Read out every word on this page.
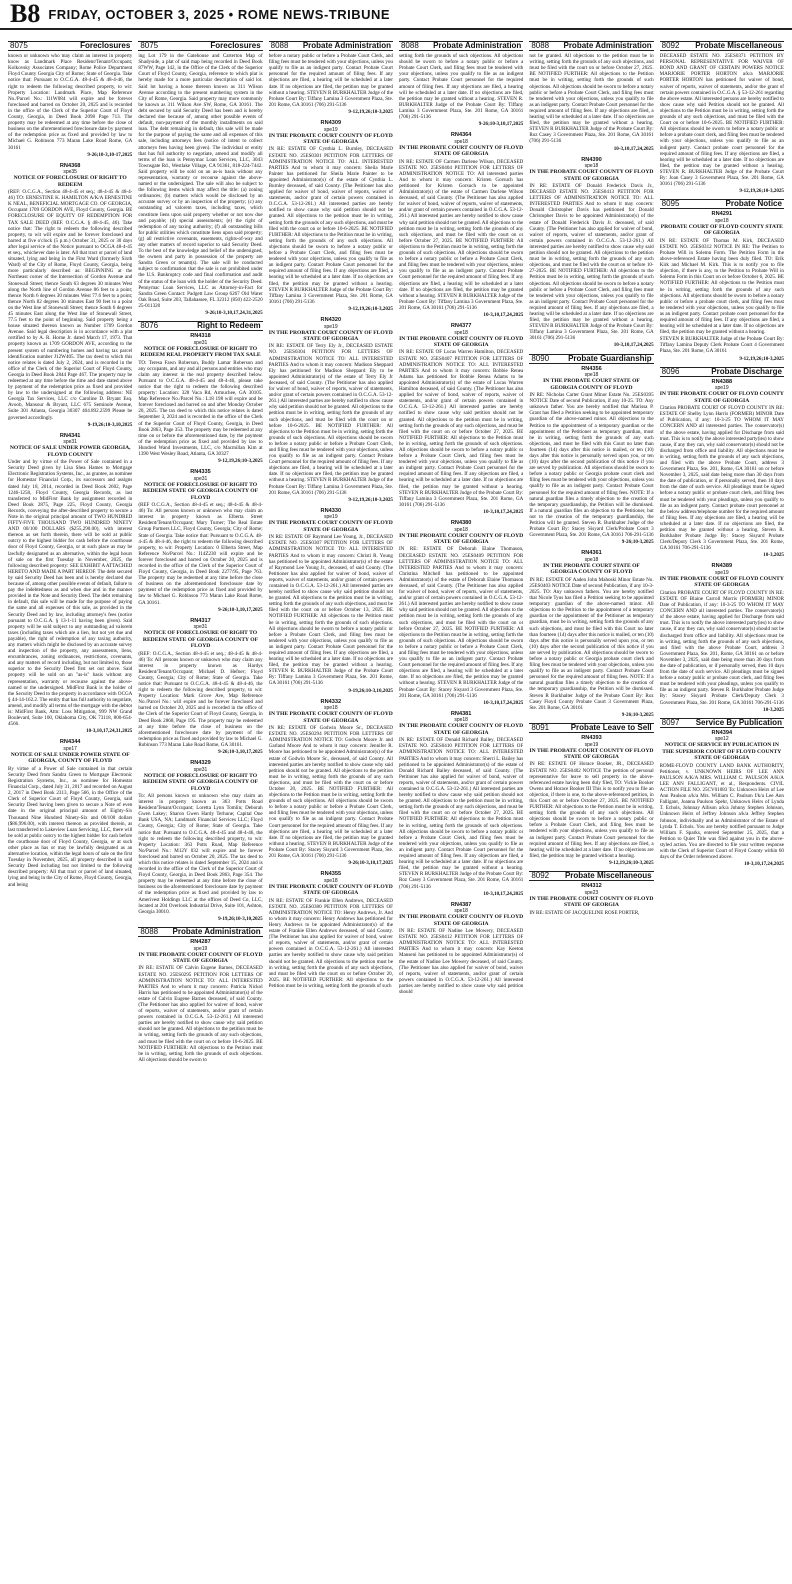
B8 FRIDAY, OCTOBER 3, 2025 • ROME NEWS-TRIBUNE
8075	Foreclosures
known or unknown who may claim an interest in property know as Landmark Place Resident/Tenant/Occupant; Kolkovsky Associates Company; Rome Police Department Floyd County Georgia City of Rome; State of Georgia. Take notice that: Pursuant to O.C.G.A. 48-4-45 & 48-4-46, the right to redeem the following described property, to wit: Property Location: Landmark Place, Map Reference No./Parcel No.: I11W084 will expire and be forever foreclosed and barred on October 20, 2025 and is recorded in the office of the Clerk of the Superior Court of Floyd County, Georgia, in Deed Book 2098 Page 713. The property may be redeemed at any time before the close of business on the aforementioned foreclosure date by payment of the redemption price as fixed and provided by law to Michael G. Robinson 773 Maran Lake Road Rome, GA 30161
9-26;10-3,10-17,2025
RN4368
spe35
NOTICE OF FORECLOSURE OF RIGHT TO REDEEM
(REF: O.C.G.A., Section 48-4-45 et seq.; 48-4-45 & 48-4-46) TO: ERNESTINE K. HAMILTON A/K/A ERNESTINE K NEAL, BENEFICIAL MORTGAGE CO. OF GEORGIA, Occupant 1709 GORDON AVE, Floyd County, Georgia. BE FORECLOSURE OF EQUITY OF REDEMPTION FOR TAX SALE DEED (REF. O.C.G.A. § 48-4-45, 46). Take notice that: The right to redeem the following described property, to wit will expire and be forever foreclosed and barred at five o'clock (5 p.m.) October 31, 2025 or 30 days after legal service of the Notice pursuant to OCGA 48-4-45 et seq., whichever date is later. All that tract or parcel of land situated, lying and being in the First Ward (formerly Sixth Ward) of the City of Rome, Floyd County, Georgia, being more particularly described as: BEGINNING at the Northeast corner of the Intersection of Gordon Avenue and Stonewall Street; thence South 63 degrees 30 minutes West along the North line of Gordon Avenue 86 feet to a point; thence North 6 degrees 30 minutes West 77.6 feet to a point; thence North 82 degrees 30 minutes East 90 feet to a point on the West line of Stonewall Street; thence South 6 degrees 45 minutes East along the West line of Stonewall Street, 77.5 feet to the point of beginning. Said property being a house situated thereon known as Number 1709 Gordon Avenue. Said legal description is in accordance with a plat certified to by A. R. Horne Jr. dated March 17, 1973. That property known as 1709 GORDON AVE, according to the present system of numbering homes and having tax parcel identification number J12W405. The tax deed to which this notice relates is dated July 2, 2024, and is recorded in the office of the Clerk of the Superior Court of Floyd County, Georgia in Deed Book 2844 Page 467. The property may be redeemed at any time before the time and date stated above by payment of the redemption price as fixed and provided by law to the undersigned at the following address: NE Georgia Tax Services, LLC c/o Caroline D. Bryant Esq. Avoob, Mansour & Bryant, LLC 675 Seminole Avenue, Suite 301 Atlanta, Georgia 30307 404.892.2599 Please be governed accordingly.
9-19,26;10-3,10,2025
RN4341
spe31
NOTICE OF SALE UNDER POWER GEORGIA, FLOYD COUNTY
Under and by virtue of the Power of Sale contained in a Security Deed given by Lisa Shea Hames to Mortgage Electronic Registration Systems, Inc., as grantee, as nominee for Homestar Financial Corp., its successors and assigns dated July 18, 2014, recorded in Deed Book 2602, Page 1246-1258, Floyd County, Georgia Records, as last transferred to MidFirst Bank by assignment recorded in Deed Book 2875, Page 225, Floyd County, Georgia Records, conveying the after-described property to secure a Note in the original principal amount of TWO HUNDRED FIFTY-FIVE THOUSAND TWO HUNDRED NINETY AND 00/100 DOLLARS ($255,290.00), with interest thereon as set forth therein, there will be sold at public outcry to the highest bidder for cash before the courthouse door of Floyd County, Georgia, or at such place as may be lawfully designated as an alternative, within the legal hours of sale on the first Tuesday in November, 2025, the following described property: SEE EXHIBIT A ATTACHED HERETO AND MADE A PART HEREOF. The debt secured by said Security Deed has been and is hereby declared due because of, among other possible events of default, failure to pay the indebtedness as and when due and in the manner provided in the Note and Security Deed. The debt remaining in default, this sale will be made for the purpose of paying the same and all expenses of this sale, as provided in the Security Deed and by law, including attorney's fees (notice pursuant to O.C.G.A. § 13-1-11 having been given). Said property will be sold subject to any outstanding ad valorem taxes (including taxes which are a lien, but not yet due and payable), the right of redemption of any taxing authority, any matters which might be disclosed by an accurate survey and inspection of the property, any assessments, liens, encumbrances, zoning ordinances, restrictions, covenants, and any matters of record including, but not limited to, those superior to the Security Deed first set out above. Said property will be sold on an "as-is" basis without any representation, warranty or recourse against the above-named or the undersigned. MidFirst Bank is the holder of the Security Deed to the property in accordance with OCGA § 44-14-162.2. The entity that has full authority to negotiate, amend, and modify all terms of the mortgage with the debtor is: MidFirst Bank, Attn: Loss Mitigation, 999 NW Grand Boulevard, Suite 100, Oklahoma City, OK 73118, 800-654-4566.
10-3,10,17,24,31,2025
RN4344
spe17
NOTICE OF SALE UNDER POWER STATE OF GEORGIA, COUNTY OF FLOYD
By virtue of a Power of Sale contained in that certain Security Deed from Sandra Green to Mortgage Electronic Registration Systems, Inc., as nominee for Homestar Financial Corp., dated July 31, 2017 and recorded on August 2, 2017 in Deed Book 2313, Page 566, in the Office of the Clerk of Superior Court of Floyd County, Georgia, said Security Deed having been given to secure a Note of even date in the original principal amount of Eighty-Six Thousand Nine Hundred Ninety-Six and 00/100 dollars ($86,996.00), with interest thereon as provided therein, as last transferred to Lakeview Loan Servicing, LLC, there will be sold at public outcry to the highest bidder for cash before the courthouse door of Floyd County, Georgia, or at such other place as has or may be lawfully designated as an alternative location, within the legal hours of sale on the first Tuesday in November, 2025, all property described in said Security Deed including but not limited to the following described property: All that tract or parcel of land situated, lying and being in the City of Rome, Floyd County, Georgia, and being
8075	Foreclosures
ing Lot 179 in the Gatehouse and Carterton Map of Shadyside, a plat of said map being recorded in Deed Book 87WW, Page 142, in the Office of the Clerk of the Superior Court of Floyd County, Georgia, reference to which plat is hereby made for a more particular description of said lot. Said lot having a house thereon known as 311 Wilson Avenue according to the present numbering system in the City of Rome, Georgia. Said property may more commonly be known as 311 Wilson Ave SW, Rome, GA 30161. The debt secured by said Security Deed has been and is hereby declared due because of, among other possible events of default, non-payment of the monthly installments on said loan. The debt remaining in default, this sale will be made for the purpose of paying the same and all expenses of this sale, including attorneys fees (notice of intent to collect attorneys fees having been given). The individual or entity that has full authority to negotiate, amend and modify all terms of the loan is Pennymac Loan Services, LLC, 3043 Townsgate Rd., Westlake Village, CA 91361, 818-224-7442. Said property will be sold on an as-is basis without any representation, warranty or recourse against the above-named or the undersigned. The sale will also be subject to the following items which may affect the title: (a) zoning ordinances; (b) matters which would be disclosed by an accurate survey or by an inspection of the property; (c) any outstanding ad valorem taxes, including taxes, which constitute liens upon said property whether or not now due and payable; (d) special assessments; (e) the right of redemption of any taxing authority; (f) all outstanding bills for public utilities which constitute liens upon said property; (g) all restrictive covenants, easements, rights-of-way and any other matters of record superior to said Security Deed. To the best of the knowledge and belief of the undersigned, the owners and party in possession of the property are Sandra Green or tenant(s). The sale will be conducted subject to confirmation that the sale is not prohibited under the U.S. Bankruptcy code and final confirmation and audit of the status of the loan with the holder of the Security Deed. Pennymac Loan Services, LLC as Attorney-in-Fact for Sandra Green Contact: Padgett Law Group 6267 Old Water Oak Road, Suite 203, Tallahassee, FL 32312 (850) 422-2520 25-011320
9-26;10-3,10,17,24,31,2025
8076	Right to Redeem
RN4318
spe31
NOTICE OF FORECLOSURE OF RIGHT TO REDEEM REAL PROPERTY FROM TAX SALE
TO: Teresa Fawn Roberson, Buddy Lamar Roberson and any occupants, and any and all persons and entities who may claim any interest in the real property described below. Pursuant to O.C.G.A. 48-4-45 and 48-4-46, please take notice that the right to redeem the following described property: Location: 328 Vaca Rd, Armuchee, GA 30105. Map Reference No./Parcel No.: L18 198 will expire and be forever foreclosed and barred on and after Monday October 20, 2025. The tax deed to which this notice relates is dated September 3, 2024 and is recorded in the office of the Clerk of the Superior Court of Floyd County, Georgia, in Deed Book 2863, Page 353. The property may be redeemed at any time on or before the aforementioned date, by the payment of the redemption price as fixed and provided by law to Hundred Wand Investments, LLC, c/o Macmillan Kim at 1390 West Wesley Road, Atlanta, GA 30327
9-12,19,26;10-3,2025
RN4335
spe31
NOTICE OF FORECLOSURE OF RIGHT TO REDEEM STATE OF GEORGIA COUNTY OF FLOYD
(REF O.C.G.A., Section 48-4-45 et seq.; 48-4-45 & 48-4-46) To: All persons known or unknown who may claim an interest in property known as Elberta Street Resident/Tenant/Occupant; Mary Turner; The Real Estate Group Partners LLC, Floyd County, Georgia; City of Rome; State of Georgia. Take notice that: Pursuant to O.C.G.A. 48-4-45 & 48-4-46, the right to redeem the following described property, to wit: Property Location: 0 Elberta Street, Map Reference No/Parcel No.: I14Z230 will expire and be forever foreclosed and barred on October 20, 2025 and is recorded in the office of the Clerk of the Superior Court of Floyd County, Georgia, in Deed Book 2277/95, Page 763. The property may be redeemed at any time before the close of business on the aforementioned foreclosure date by payment of the redemption price as fixed and provided by law to Michael G. Robinson 773 Maran Lake Road Rome, GA 30161.
9-26;10-3,10,17,2025
RN4317
spe31
NOTICE OF FORECLOSURE OF RIGHT TO REDEEM STATE OF GEORGIA COUNTY OF FLOYD
(REF: O.C.G.A., Section 48-4-45 et seq.; 48-4-45 & 48-4-46) To: All persons known or unknown who may claim any interest in property known as Hardys Resident/Tenant/Occupant; Michael D. Hefner; Floyd County, Georgia; City of Rome; State of Georgia. Take notice that: Pursuant to O.C.G.A. 48-4-45 & 48-4-46, the right to redeem the following described property, to wit: Property Location: Mark Grove Ave, Map Reference No./Parcel No.: will expire and be forever foreclosed and barred on October 20, 2025 and is recorded in the office of the Clerk of the Superior Court of Floyd County, Georgia, in Deed Book 2868, Page 195. The property may be redeemed at any time before the close of business on the aforementioned foreclosure date by payment of the redemption price as fixed and provided by law to Michael G. Robinson 773 Maran Lake Road Rome, GA 30161.
9-26;10-3,10,17,2025
RN4329
spe31
NOTICE OF FORECLOSURE OF RIGHT TO REDEEM STATE OF GEORGIA COUNTY OF FLOYD
To: All persons known or unknown who may claim an interest in property known as 363 Potts Road Resident/Tenant/Occupant; Loretta Lynn Tomlin; Deborah Gwen Lakey; Sharon Gwen Hardy Terhune; Capital One Bank USA, NA; Landmark Financial Services LLC; Floyd County, Georgia; City of Rome; State of Georgia. Take notice that: Pursuant to O.C.G.A. 48-4-45 and 48-4-46, the right to redeem the following described property, to wit: Property Location: 363 Potts Road, Map Reference No/Parcel No.: M12Y 032 will expire and be forever foreclosed and barred on October 20, 2025. The tax deed to which this notice relates is dated September 15, 2024 and is recorded in the office of the Clerk of the Superior Court of Floyd County, Georgia, in Deed Book 2863, Page 354. The property may be redeemed at any time before the close of business on the aforementioned foreclosure date by payment of the redemption price as fixed and provided by law to Amerivest Holdings LLC at the offices of Deed Co, LLC, located at 204 Overlook Industrial Drive, Suite 101, Ashton, Georgia 30010.
9-19,26;10-3,10,2025
8088 Probate Administration
RN4287
spe19
IN THE PROBATE COURT COUNTY OF FLOYD STATE OF GEORGIA
IN RE: ESTATE OF Calvin Eugene Barnes, DECEASED ESTATE NO. 25ES0295 PETITION FOR LETTERS OF ADMINISTRATION NOTICE TO: ALL INTERESTED PARTIES And to whom it may concern: Patricia Nickol Harris has petitioned to be appointed Administrator(s) of the estate of Calvin Eugene Barnes deceased, of said County. (The Petitioner has also applied for waiver of bond, waiver of reports, waiver of statements, and/or grant of certain powers contained in O.C.G.A. 53-12-261.) All interested parties are hereby notified to show cause why said petition should not be granted. All objections to the petition must be in writing, setting forth the grounds of any such objections, and must be filed with the court on or before 10-6-2025. BE NOTIFIED FURTHER: All objections to the Petition must be in writing, setting forth the grounds of such objections. All objections should be sworn to
8088 Probate Administration
before a notary public or before a Probate Court Clerk, and filing fees must be tendered with your objections, unless you qualify to file as an indigent party. Contact Probate Court personnel for the required amount of filing fees. If any objections are filed, a hearing will be scheduled at a later date. If no objections are filed, the petition may be granted without a hearing. STEVEN R BURKHALTER Judge of the Probate Court By: Tiffany Lamina 3 Government Plaza, Ste. 201 Rome, GA 30161 (706) 291-5136
9-12,19,26;10-3,2025
RN4309
spe19
IN THE PROBATE COURT COUNTY OF FLOYD STATE OF GEORGIA
IN RE: ESTATE OF Cynthia L. Burnley, DECEASED ESTATE NO. 25ES0301 PETITION FOR LETTERS OF ADMINISTRATION NOTICE TO: ALL INTERESTED PARTIES And to whom it may concern: Sheila Marie Painter has petitioned for Sheila Marie Painter to be appointed Administrator(s) of the estate of Cynthia L. Burnley deceased, of said County. (The Petitioner has also applied for waiver of bond, waiver of reports, waiver of statements, and/or grant of certain powers contained in O.C.G.A. 53-12-261.) All interested parties are hereby notified to show cause why said petition should not be granted. All objections to the petition must be in writing, setting forth the grounds of any such objections, and must be filed with the court on or before 10-6-2025. BE NOTIFIED FURTHER: All objections to the Petition must be in writing, setting forth the grounds of any such objections. All objections should be sworn to before a notary public or before a Probate Court Clerk, and filing fees must be tendered with your objections, unless you qualify to file as an indigent party. Contact Probate Court personnel for the required amount of filing fees. If any objections are filed, a hearing will be scheduled at a later date. If no objections are filed, the petition may be granted without a hearing. STEVEN R BURKHALTER Judge of the Probate Court By: Tiffany Lamina 3 Government Plaza, Ste. 201 Rome, GA 30161 (706) 291-5136
9-12,19,26;10-3,2025
RN4320
spe19
IN THE PROBATE COURT COUNTY OF FLOYD STATE OF GEORGIA
IN RE: ESTATE OF Terry Ely Jr., DECEASED ESTATE NO. 25ES0304 PETITION FOR LETTERS OF ADMINISTRATION NOTICE TO: ALL INTERESTED PARTIES And to whom it may concern: Madison Sheppard Ely has petitioned for Madison Sheppard Ely to be appointed Administrator(s) of the estate of Terry Ely Jr deceased, of said County. (The Petitioner has also applied for waiver of bond, waiver of reports, waiver of statements, and/or grant of certain powers contained in O.C.G.A. 53-12-261.) All interested parties are hereby notified to show cause why said petition should not be granted. All objections to the petition must be in writing, setting forth the grounds of any such objections, and must be filed with the court on or before 10-6-2025. BE NOTIFIED FURTHER: All objections to the Petition must be in writing, setting forth the grounds of such objections. All objections should be sworn to before a notary public or before a Probate Court Clerk, and filing fees must be tendered with your objections, unless you qualify to file as an indigent party. Contact Probate Court personnel for the required amount of filing fees. If any objections are filed, a hearing will be scheduled at a later date. If no objections are filed, the petition may be granted without a hearing. STEVEN R BURKHALTER Judge of the Probate Court By: Tiffany Lamina 3 Government Plaza, Ste. 201 Rome, GA 30161 (706) 291-5136
9-12,19,26;10-3,2025
RN4330
spe19
IN THE PROBATE COURT COUNTY OF FLOYD STATE OF GEORGIA
IN RE: ESTATE OF Raymond Lee Young, Jr., DECEASED ESTATE NO. 25ES0307 PETITION FOR LETTERS OF ADMINISTRATION NOTICE TO: ALL INTERESTED PARTIES And to whom it may concern: Christi R. Young has petitioned to be appointed Administrator(s) of the estate of Raymond Lee Young Jr., deceased, of said County. (The Petitioner has also applied for waiver of bond, waiver of reports, waiver of statements, and/or grant of certain powers contained in O.C.G.A. 53-12-261.) All interested parties are hereby notified to show cause why said petition should not be granted. All objections to the petition must be in writing, setting forth the grounds of any such objections, and must be filed with the court on or before October 13, 2025. BE NOTIFIED FURTHER: All objections to the Petition must be in writing, setting forth the grounds of such objections. All objections should be sworn to before a notary public or before a Probate Court Clerk, and filing fees must be tendered with your objections, unless you qualify to file as an indigent party. Contact Probate Court personnel for the required amount of filing fees. If any objections are filed, a hearing will be scheduled at a later date. If no objections are filed, the petition may be granted without a hearing. STEVEN R. BURKHALTER Judge of the Probate Court By: Tiffany Lamina 3 Government Plaza, Ste. 201 Rome, GA 30161 (706) 291-5136
9-19,26;10-3,10,2025
RN4332
spe18
IN THE PROBATE COURT COUNTY OF FLOYD STATE OF GEORGIA
IN RE: ESTATE OF Godwin Moore Sr., DECEASED ESTATE NO. 25ES0294 PETITION FOR LETTERS OF ADMINISTRATION NOTICE TO: Godwin Moore Jr. and Garland Moore And to whom it may concern: Jennifer R. Moore has petitioned to be appointed Administrator(s) of the estate of Godwin Moore Sr., deceased, of said County. All interested parties are hereby notified to show cause why said petition should not be granted. All objections to the petition must be in writing, setting forth the grounds of any such objections, and must be filed with the court on or before October 20, 2025. BE NOTIFIED FURTHER: All objections to the Petition must be in writing, setting forth the grounds of such objections. All objections should be sworn to before a notary public or before a Probate Court Clerk, and filing fees must be tendered with your objections, unless you qualify to file as an indigent party. Contact Probate Court personnel for the required amount of filing fees. If any objections are filed, a hearing will be scheduled at a later date. If no objections are filed, the petition may be granted without a hearing. STEVEN R BURKHALTER Judge of the Probate Court By: Stacey Sisyard 3 Government Plaza, Ste. 201 Rome, GA 30161 (706) 291-5136
9-26;10-3,10,17,2025
RN4355
spe18
IN THE PROBATE COURT COUNTY OF FLOYD STATE OF GEORGIA
IN RE: ESTATE OF Frankie Ellen Andrews, DECEASED ESTATE NO. 25ES0380 PETITION FOR LETTERS OF ADMINISTRATION NOTICE TO: Henry Andrews, Jr. And to whom it may concern: Henry Andrews has petitioned for Henry Andrews to be appointed Administrator(s) of the estate of Frankie Ellen Andrews deceased, of said County. (The Petitioner has also applied for waiver of bond, waiver of reports, waiver of statements, and/or grant of certain powers contained in O.C.G.A. 53-12-261.) All interested parties are hereby notified to show cause why said petition should not be granted. All objections to the petition must be in writing, setting forth the grounds of any such objections, and must be filed with the court on or before October 20, 2025. BE NOTIFIED FURTHER: All objections to the Petition must be in writing, setting forth the grounds of such
8088 Probate Administration
setting forth the grounds of such objections. All objections should be sworn to before a notary public or before a Probate Court Clerk, and filing fees must be tendered with your objections, unless you qualify to file as an indigent party. Contact Probate Court personnel for the required amount of filing fees. If any objections are filed, a hearing will be scheduled at a later date. If no objections are filed, the petition may be granted without a hearing. STEVEN R. BURKHALTER Judge of the Probate Court By: Tiffany Lamina 3 Government Plaza, Ste. 201 Rome, GA 30161 (706) 291-5136
9-26;10-3,10,17,2025
RN4364
spe18
IN THE PROBATE COURT COUNTY OF FLOYD STATE OF GEORGIA
IN RE: ESTATE OF Carmen Darlene Wilson, DECEASED ESTATE NO. 25ES0404 PETITION FOR LETTERS OF ADMINISTRATION NOTICE TO: All interested parties And to whom it may concern: Kristen Gorsuch has petitioned for Kristen Gorsuch to be appointed Administrator(s) of the estate of Carmen Darlene Wilson deceased, of said County. (The Petitioner has also applied for waiver of bond, waiver of reports, waiver of statements, and/or grant of certain powers contained in O.C.G.A. 53-12-261.) All interested parties are hereby notified to show cause why said petition should not be granted. All objections to the petition must be in writing, setting forth the grounds of any such objections, and must be filed with the court on or before October 27, 2025. BE NOTIFIED FURTHER: All objections to the Petition must be in writing, setting forth the grounds of such objections. All objections should be sworn to before a notary public or before a Probate Court Clerk, and filing fees must be tendered with your objections, unless you qualify to file as an indigent party. Contact Probate Court personnel for the required amount of filing fees. If any objections are filed, a hearing will be scheduled at a later date. If no objections are filed, the petition may be granted without a hearing. STEVEN R BURKHALTER Judge of the Probate Court By: Tiffany Lamina 3 Government Plaza, Ste. 201 Rome, GA 30161 (706) 291-5136
10-3,10,17,24,2025
RN4377
spe18
IN THE PROBATE COURT COUNTY OF FLOYD STATE OF GEORGIA
IN RE: ESTATE OF Lucas Warren Hamilton, DECEASED ESTATE NO. 25ES0407 PETITION FOR LETTERS OF ADMINISTRATION NOTICE TO: ALL INTERESTED PARTIES And to whom it may concern: Bobbie Renea Adams has petitioned for Bobbie Renea Adams to be appointed Administrator(s) of the estate of Lucas Warren Hamilton deceased, of said County. (The Petitioner has also applied for waiver of bond, waiver of reports, waiver of statements, and/or grant of certain powers contained in O.C.G.A. 53-12-261.) All interested parties are hereby notified to show cause why said petition should not be granted. All objections to the petition must be in writing, setting forth the grounds of any such objections, and must be filed with the court on or before October 27, 2025. BE NOTIFIED FURTHER: All objections to the Petition must be in writing, setting forth the grounds of such objections. All objections should be sworn to before a notary public or before a Probate Court Clerk, and filing fees must be tendered with your objections, unless you qualify to file as an indigent party. Contact Probate Court personnel for the required amount of filing fees. If any objections are filed, a hearing will be scheduled at a later date. If no objections are filed, the petition may be granted without a hearing. STEVEN R BURKHALTER Judge of the Probate Court By: Tiffany Lamina 3 Government Plaza, Ste. 201 Rome, GA 30161 (706) 291-5136
10-3,10,17,24,2025
RN4380
spe18
IN THE PROBATE COURT COUNTY OF FLOYD STATE OF GEORGIA
IN RE: ESTATE OF Deborah Elaine Thomason, DECEASED ESTATE NO. 25ES0409 PETITION FOR LETTERS OF ADMINISTRATION NOTICE TO: ALL INTERESTED PARTIES And to whom it may concern: Christina Mitchell has petitioned to be appointed Administrator(s) of the estate of Deborah Elaine Thomason deceased, of said County. (The Petitioner has also applied for waiver of bond, waiver of reports, waiver of statements, and/or grant of certain powers contained in O.C.G.A. 53-12-261.) All interested parties are hereby notified to show cause why said petition should not be granted. All objections to the petition must be in writing, setting forth the grounds of any such objections, and must be filed with the court on or before October 27, 2025. BE NOTIFIED FURTHER: All objections to the Petition must be in writing, setting forth the grounds of such objections. All objections should be sworn to before a notary public or before a Probate Court Clerk, and filing fees must be tendered with your objections, unless you qualify to file as an indigent party. Contact Probate Court personnel for the required amount of filing fees. If any objections are filed, a hearing will be scheduled at a later date. If no objections are filed, the petition may be granted without a hearing. STEVEN R BURKHALTER Judge of the Probate Court By: Stacey Sisyard 3 Government Plaza, Ste. 201 Rome, GA 30161 (706) 291-5136
10-3,10,17,24,2025
RN4381
spe18
IN THE PROBATE COURT COUNTY OF FLOYD STATE OF GEORGIA
IN RE: ESTATE OF Donald Richard Bailey, DECEASED ESTATE NO. 25ES0410 PETITION FOR LETTERS OF ADMINISTRATION NOTICE TO: ALL INTERESTED PARTIES And to whom it may concern: Sherri L. Bailey has petitioned to be appointed Administrator(s) of the estate of Donald Richard Bailey deceased, of said County. (The Petitioner has also applied for waiver of bond, waiver of reports, waiver of statements, and/or grant of certain powers contained in O.C.G.A. 53-12-261.) All interested parties are hereby notified to show cause why said petition should not be granted. All objections to the petition must be in writing, setting forth the grounds of any such objections, and must be filed with the court on or before October 27, 2025. BE NOTIFIED FURTHER: All objections to the Petition must be in writing, setting forth the grounds of such objections. All objections should be sworn to before a notary public or before a Probate Court Clerk, and filing fees must be tendered with your objections, unless you qualify to file as an indigent party. Contact Probate Court personnel for the required amount of filing fees. If any objections are filed, a hearing will be scheduled at a later date. If no objections are filed, the petition may be granted without a hearing. STEVEN R BURKHALTER Judge of the Probate Court By: Roz Casey 3 Government Plaza, Ste. 201 Rome, GA 30161 (706) 291-5136
10-3,10,17,24,2025
RN4387
spe18
IN THE PROBATE COURT COUNTY OF FLOYD STATE OF GEORGIA
IN RE: ESTATE OF Nadine Lee Mowery, DECEASED ESTATE NO. 25ES0412 PETITION FOR LETTERS OF ADMINISTRATION NOTICE TO: ALL INTERESTED PARTIES And to whom it may concern: Kay Keeton Manseni has petitioned to be appointed Administrator(s) of the estate of Nadine Lee Mowery deceased, of said County. (The Petitioner has also applied for waiver of bond, waiver of reports, waiver of statements, and/or grant of certain powers contained in O.C.G.A. 53-12-261.) All interested parties are hereby notified to show cause why said petition should
8088 Probate Administration
not be granted. All objections to the petition must be in writing, setting forth the grounds of any such objections, and must be filed with the court on or before October 27, 2025. BE NOTIFIED FURTHER: All objections to the Petition must be in writing, setting forth the grounds of such objections. All objections should be sworn to before a notary public or before a Probate Court Clerk, and filing fees must be tendered with your objections, unless you qualify to file as an indigent party. Contact Probate Court personnel for the required amount of filing fees. If any objections are filed, a hearing will be scheduled at a later date. If no objections are filed, the petition may be granted without a hearing. STEVEN R BURKHALTER Judge of the Probate Court By: Roz Casey 3 Government Plaza, Ste. 201 Rome, GA 30161 (706) 291-5136
10-3,10,17,24,2025
RN4390
spe18
IN THE PROBATE COURT COUNTY OF FLOYD STATE OF GEORGIA
IN RE: ESTATE OF Donald Frederick Davis Jr., DECEASED ESTATE NO. 25ES0413 PETITION FOR LETTERS OF ADMINISTRATION NOTICE TO: ALL INTERESTED PARTIES And to whom it may concern: Donald Christopher Davis has petitioned for Donald Christopher Davis to be appointed Administrator(s) of the estate of Donald Frederick Davis Jr. deceased, of said County. (The Petitioner has also applied for waiver of bond, waiver of reports, waiver of statements, and/or grant of certain powers contained in O.C.G.A. 53-12-261.) All interested parties are hereby notified to show cause why said petition should not be granted. All objections to the petition must be in writing, setting forth the grounds of any such objections, and must be filed with the court on or before 10-27-2025. BE NOTIFIED FURTHER: All objections to the Petition must be in writing, setting forth the grounds of such objections. All objections should be sworn to before a notary public or before a Probate Court Clerk, and filing fees must be tendered with your objections, unless you qualify to file as an indigent party. Contact Probate Court personnel for the required amount of filing fees. If any objections are filed, a hearing will be scheduled at a later date. If no objections are filed, the petition may be granted without a hearing. STEVEN R BURKHALTER Judge of the Probate Court By: Tiffany Lamina 3 Government Plaza, Ste. 201 Rome, GA 30161 (706) 291-5136
10-3,10,17,24,2025
8090 Probate Guardianship
RN4356
spe18
IN THE PROBATE COURT STATE OF GEORGIA COUNTY OF FLOYD
IN RE: Nicholas Carter Grant Minor Estate No. 25ES0395 NOTICE Date of second Publication, if any 10-25. TO: Any unknown father. You are hereby notified that Marissa P. Grant has filed a Petition seeking to be appointed temporary guardian of the above-named minor. All objections to the Petition to the appointment of a temporary guardian or the appointment of the Petitioner as temporary guardian, must be in writing, setting forth the grounds of any such objections, and must be filed with this Court no later than fourteen (14) days after this notice is mailed, or ten (10) days after this notice is personally served upon you, or ten (10) days after the second publication of this notice if you are served by publication. All objections should be sworn to before a notary public or Georgia probate court clerk and filing fees must be tendered with your objections, unless you qualify to file as an indigent party. Contact Probate Court personnel for the required amount of filing fees. NOTE: If a natural guardian files a timely objection to the creation of the temporary guardianship, the Petition will be dismissed. If a natural guardian files an objection to the Petitioner, but not to the creation of the temporary guardianship, the Petition will be granted. Steven R. Burkhalter Judge of the Probate Court By: Stacey Sisyard Clerk/Probate Court 3 Government Plaza, Ste. 201 Rome, GA 30161 706-291-5136
9-26;10-3,2025
RN4361
spe18
IN THE PROBATE COURT STATE OF GEORGIA COUNTY OF FLOYD
IN RE: ESTATE OF Aaden John Mahoski Minor Estate No. 25ES0403 NOTICE Date of second Publication, if any 10-3-2025. TO: Any unknown fathers. You are hereby notified that Nicole Tyus has filed a Petition seeking to be appointed temporary guardian of the above-named minor. All objections to the Petition to the appointment of a temporary guardian or the appointment of the Petitioner as temporary guardian, must be in writing, setting forth the grounds of any such objections, and must be filed with this Court no later than fourteen (14) days after this notice is mailed, or ten (10) days after this notice is personally served upon you, or ten (10) days after the second publication of this notice if you are served by publication. All objections should be sworn to before a notary public or Georgia probate court clerk and filing fees must be tendered with your objections, unless you qualify to file as an indigent party. Contact Probate Court personnel for the required amount of filing fees. NOTE: If a natural guardian files a timely objection to the creation of the temporary guardianship, the Petition will be dismissed. Steven R Burkhalter Judge of the Probate Court By: Roz Casey Floyd County Probate Court 3 Government Plaza, Ste. 201 Rome, GA 30161
9-26;10-3,2025
8091	Probate Leave to Sell
RN4393
spe19
IN THE PROBATE COURT COUNTY OF FLOYD STATE OF GEORGIA
IN RE: ESTATE OF Horace Booker, JR., DECEASED ESTATE NO. 25ES0402 NOTICE The petition of personal representative for leave to sell property in the above-referenced estate having been duly filed, TO: Vickie Booker Owens and Horace Booker III This is to notify you to file an objection, if there is one, to the above-referenced petition, in this Court on or before October 27, 2025. BE NOTIFIED FURTHER: All objections to the Petition must be in writing, setting forth the grounds of any such objections. All objections should be sworn to before a notary public or before a Probate Court Clerk, and filing fees must be tendered with your objections, unless you qualify to file as an indigent party. Contact Probate Court personnel for the required amount of filing fees. If any objections are filed, a hearing will be scheduled at a later date. If no objections are filed, the petition may be granted without a hearing.
9-12,19,26;10-3,2025
8092 Probate Miscellaneous
RN4312
spe23
IN THE PROBATE COURT COUNTY OF FLOYD STATE OF GEORGIA
IN RE: ESTATE OF JACQUELINE ROSE PORTER,
8092 Probate Miscellaneous
DECEASED ESTATE NO. 25ES0371 PETITION BY PERSONAL REPRESENTATIVE FOR WAIVER OF BOND AND GRANT OF CERTAIN POWERS NOTICE MARJORIE PORTER HORTON a/k/a MARJORIE PORTER HORTON has petitioned for waiver of bond, waiver of reports, waiver of statements, and/or the grant of certain powers contained in O.C.G.A. § 53-12-261 regarding the above estate. All interested persons are hereby notified to show cause why said Petition should not be granted. All objections to the Petition must be in writing, setting forth the grounds of any such objections, and must be filed with the Court on or before 10-6-2025. BE NOTIFIED FURTHER: All objections should be sworn to before a notary public or before a probate court clerk, and filing fees must be tendered with your objections, unless you qualify to file as an indigent party. Contact probate court personnel for the required amount of filing fees. If any objections are filed, a hearing will be scheduled at a later date. If no objections are filed, the petition may be granted without a hearing. STEVEN R. BURKHALTER Judge of the Probate Court By: Joan Casey 3 Government Plaza, Ste. 201 Rome, GA 30161 (706) 291-5136
9-12,19,26;10-3,2025
8095	Probate Notice
RN4291
spe18
PROBATE COURT OF FLOYD COUNTY STATE OF GEORGIA
IN RE: ESTATE OF Thomas M. Kirk, DECEASED ESTATE NO. 25ES0312 NOTICE IN RE: The Petition to Probate Will in Solemn Form. The Petition Form in the above-referenced Estate having been duly filed. TO: Erik Kirk and Michael M. Kirk. This is to notify you to file objection, if there is any, to the Petition to Probate Will in Solemn Form in this Court on or before October 6, 2025. BE NOTIFIED FURTHER: All objections to the Petition must be in writing, setting forth the grounds of any such objections. All objections should be sworn to before a notary public or before a probate court clerk, and filing fees must be tendered with your objections, unless you qualify to file as an indigent party. Contact probate court personnel for the required amount of filing fees. If any objections are filed, a hearing will be scheduled at a later date. If no objections are filed, the petition may be granted without a hearing.
STEVEN R BURKHALTER Judge of the Probate Court By: Tiffany Lamina Deputy Clerk Probate Court 4 Government Plaza, Ste. 201 Rome, GA 30161
9-12,19,26;10-3,2025
8096	Probate Discharge
RN4388
spe19
IN THE PROBATE COURT OF FLOYD COUNTY STATE OF GEORGIA
Citation PROBATE COURT OF FLOYD COUNTY IN RE: ESTATE OF Shelby Lynn Harris (FORMER) MINOR Date of Publication, if any: 10-3-25 TO WHOM IT MAY CONCERN AND all interested parties. The conservator(s) of the above estate, having applied for Discharge from said trust. This is to notify the above interested party(ies) to show cause, if any they can, why said conservator(s) should not be discharged from office and liability. All objections must be in writing, setting forth the grounds of any such objections, and filed with the above Probate Court, address 3 Government Plaza, Ste. 201, Rome, GA 30161 on or before November 3, 2025, said date being more than 30 days from the date of publication, or if personally served, then 10 days from the date of such service. All pleadings must be signed before a notary public or probate court clerk, and filing fees must be tendered with your pleadings, unless you qualify to file as an indigent party. Contact probate court personnel at the below address/telephone number for the required amount of filing fees. If any objections are filed, a hearing will be scheduled at a later date. If no objections are filed, the petition may be granted without a hearing. Steven R. Burkhalter Probate Judge By: Stacey Sisyard Probate Clerk/Deputy Clerk 3 Government Plaza, Ste. 201 Rome, GA 30161 706-291-5136
10-3,2025
RN4389
spe19
IN THE PROBATE COURT OF FLOYD COUNTY STATE OF GEORGIA
Citation PROBATE COURT OF FLOYD COUNTY IN RE: ESTATE OF Blaine Carroll Morris (FORMER) MINOR Date of Publication, if any: 10-3-25 TO WHOM IT MAY CONCERN AND all interested parties. The conservator(s) of the above estate, having applied for Discharge from said trust. This is to notify the above interested party(ies) to show cause, if any they can, why said conservator(s) should not be discharged from office and liability. All objections must be in writing, setting forth the grounds of any such objections, and filed with the above Probate Court, address 3 Government Plaza, Ste. 201, Rome, GA 30161 on or before November 3, 2025, said date being more than 30 days from the date of publication, or if personally served, then 10 days from the date of such service. All pleadings must be signed before a notary public or probate court clerk, and filing fees must be tendered with your pleadings, unless you qualify to file as an indigent party. Steven R. Burkhalter Probate Judge By: Stacey Sisyard Probate Clerk/Deputy Clerk 3 Government Plaza, Ste. 201 Rome, GA 30161 706-291-5136
10-3,2025
8097 Service By Publication
RN4394
spe12
NOTICE OF SERVICE BY PUBLICATION IN THE SUPERIOR COURT OF FLOYD COUNTY STATE OF GEORGIA
ROME-FLOYD COUNTY LAND BANK AUTHORITY, Petitioner, v. UNKNOWN HEIRS OF LEE ANN PAULSON A/K/A MRS. WILLIAM C. PAULSON A/K/A LEE ANN FALLIGANT, et al., Respondents. CIVIL ACTION FILE NO. 25CV01083 To: Unknown Heirs of Lee Ann Paulson a/k/a Mrs. William C. Paulson f/k/a Lee Ann Falligant, Joanna Paulson Spehr, Unknown Heirs of Lynda T. Echols, Johnnay Allison a/k/a Johnny Stephen Johnson, Unknown Heirs of Jeffrey Johnson a/k/a Jeffrey Stephen Johnson, individually and as Administrator of the Estate of Lynda T. Echols. You are hereby notified pursuant to Judge William F. Sparks, entered September 25, 2025, that a Petition to Quiet Title was filed against you in the above-styled action. You are directed to file your written response with the Clerk of Superior Court of Floyd County within 60 days of the Order referenced above.
10-3,10,17,24,2025
